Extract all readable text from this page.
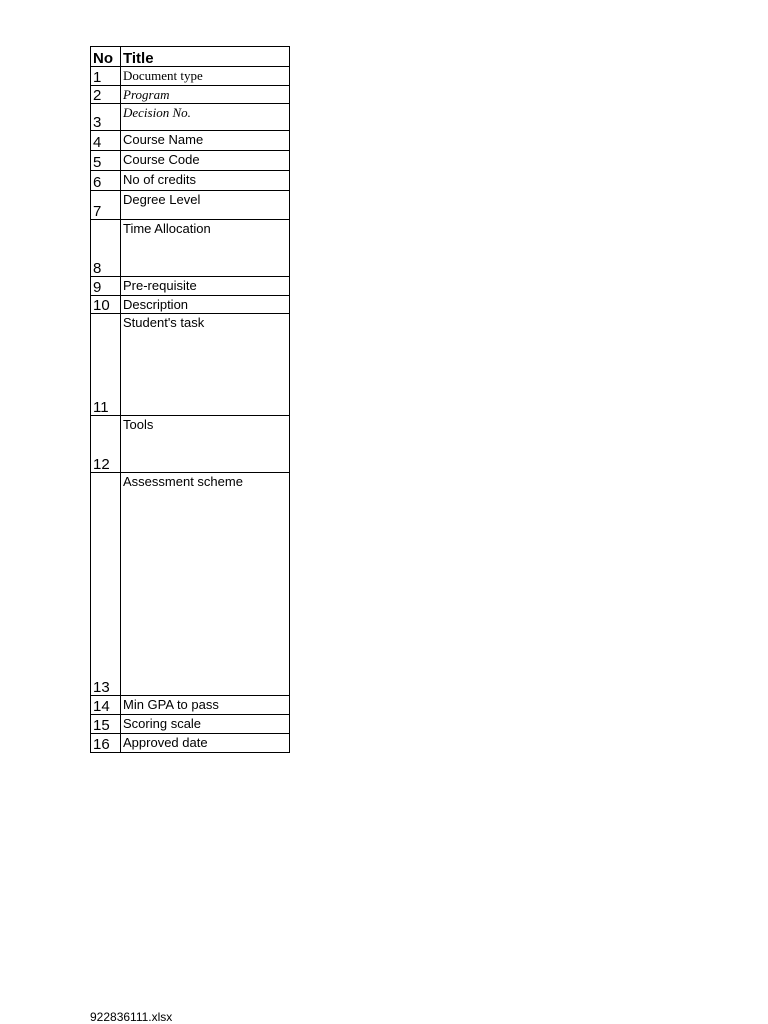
No	Title
1	Document type
2	Program
3	Decision No.
4	Course Name
5	Course Code
6	No of credits
7	Degree Level
8	Time Allocation
9	Pre-requisite
10	Description
11	Student's task
12	Tools
13	Assessment scheme
14	Min GPA to pass
15	Scoring scale
16	Approved date
922836111.xlsx
